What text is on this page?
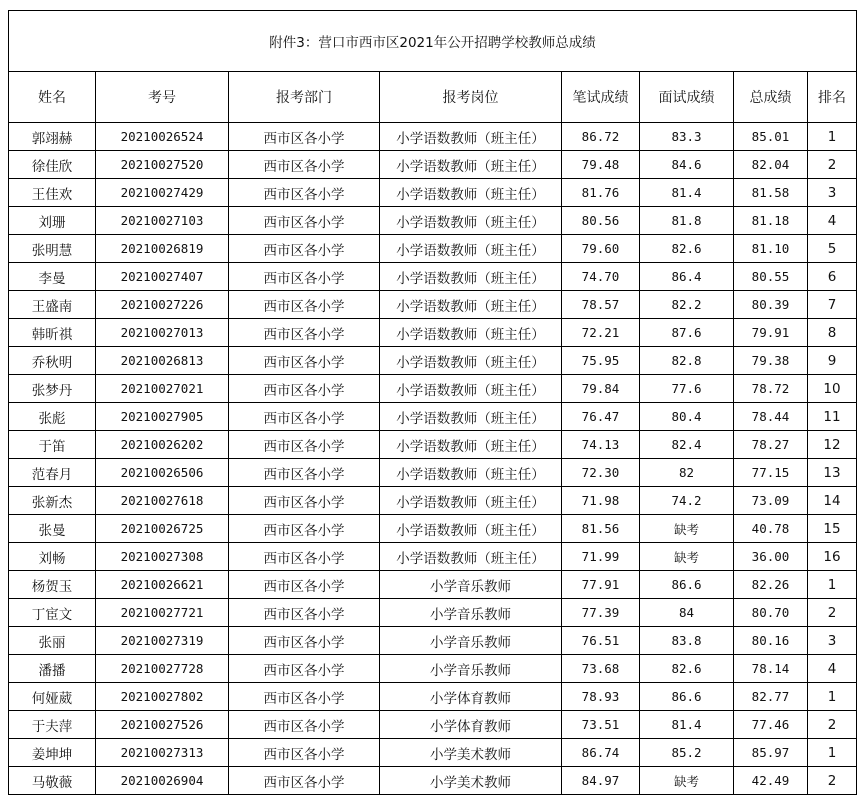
附件3：营口市西市区2021年公开招聘学校教师总成绩							
姓名	考号	报考部门	报考岗位	笔试成绩	面试成绩	总成绩	排名
郭翊赫	20210026524	西市区各小学	小学语数教师（班主任）	86.72	83.3	85.01	1
徐佳欣	20210027520	西市区各小学	小学语数教师（班主任）	79.48	84.6	82.04	2
王佳欢	20210027429	西市区各小学	小学语数教师（班主任）	81.76	81.4	81.58	3
刘珊	20210027103	西市区各小学	小学语数教师（班主任）	80.56	81.8	81.18	4
张明慧	20210026819	西市区各小学	小学语数教师（班主任）	79.60	82.6	81.10	5
李曼	20210027407	西市区各小学	小学语数教师（班主任）	74.70	86.4	80.55	6
王盛南	20210027226	西市区各小学	小学语数教师（班主任）	78.57	82.2	80.39	7
韩昕祺	20210027013	西市区各小学	小学语数教师（班主任）	72.21	87.6	79.91	8
乔秋明	20210026813	西市区各小学	小学语数教师（班主任）	75.95	82.8	79.38	9
张梦丹	20210027021	西市区各小学	小学语数教师（班主任）	79.84	77.6	78.72	10
张彪	20210027905	西市区各小学	小学语数教师（班主任）	76.47	80.4	78.44	11
于笛	20210026202	西市区各小学	小学语数教师（班主任）	74.13	82.4	78.27	12
范春月	20210026506	西市区各小学	小学语数教师（班主任）	72.30	82	77.15	13
张新杰	20210027618	西市区各小学	小学语数教师（班主任）	71.98	74.2	73.09	14
张曼	20210026725	西市区各小学	小学语数教师（班主任）	81.56	缺考	40.78	15
刘畅	20210027308	西市区各小学	小学语数教师（班主任）	71.99	缺考	36.00	16
杨贺玉	20210026621	西市区各小学	小学音乐教师	77.91	86.6	82.26	1
丁宦文	20210027721	西市区各小学	小学音乐教师	77.39	84	80.70	2
张丽	20210027319	西市区各小学	小学音乐教师	76.51	83.8	80.16	3
潘播	20210027728	西市区各小学	小学音乐教师	73.68	82.6	78.14	4
何娅葳	20210027802	西市区各小学	小学体育教师	78.93	86.6	82.77	1
于夫萍	20210027526	西市区各小学	小学体育教师	73.51	81.4	77.46	2
姜坤坤	20210027313	西市区各小学	小学美术教师	86.74	85.2	85.97	1
马敬薇	20210026904	西市区各小学	小学美术教师	84.97	缺考	42.49	2
